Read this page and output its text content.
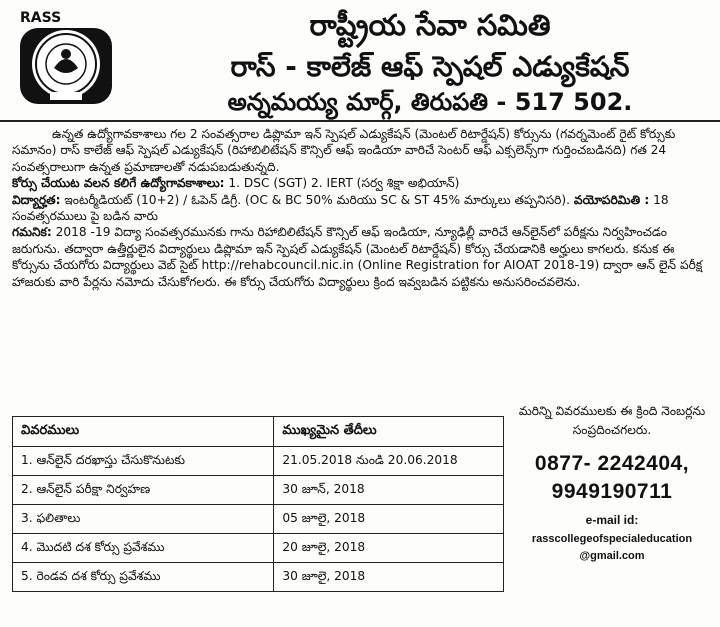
RASS	రాష్ట్రీయ సేవా సమితి
రాస్ - కాలేజ్ ఆఫ్ స్పెషల్ ఎడ్యుకేషన్
అన్నమయ్య మార్గ్, తిరుపతి - 517 502.

ఉన్నత ఉద్యోగావకాశాలు గల 2 సంవత్సరాల డిప్లొమా ఇన్ స్పెషల్ ఎడ్యుకేషన్ (మెంటల్ రిటార్డేషన్) కోర్సును (గవర్నమెంట్ రైట్ కోర్సుకు సమానం) రాస్ కాలేజ్ ఆఫ్ స్పెషల్ ఎడ్యుకేషన్ (రిహాబిలిటేషన్ కౌన్సిల్ ఆఫ్ ఇండియా వారిచే సెంటర్ ఆఫ్ ఎక్సలెన్స్‌గా గుర్తించబడినది) గత 24 సంవత్సరాలుగా ఉన్నత ప్రమాణాలతో నడుపబడుతున్నది.

కోర్సు చేయుట వలన కలిగే ఉద్యోగావకాశాలు: 1. DSC (SGT) 2. IERT (సర్వ శిక్షా అభియాన్)

విద్యార్హత: ఇంటర్మీడియట్ (10+2) / ఓపెన్ డిగ్రీ. (OC & BC 50% మరియు SC & ST 45% మార్కులు తప్పనిసరి). వయోపరిమితి : 18 సంవత్సరములు పై బడిన వారు

గమనిక: 2018 -19 విద్యా సంవత్సరమునకు గాను రిహాబిలిటేషన్ కౌన్సిల్ ఆఫ్ ఇండియా, న్యూఢిల్లీ వారిచే ఆన్‌లైన్‌లో పరీక్షను నిర్వహించడం జరుగును. తద్వారా ఉత్తీర్ణులైన విద్యార్థులు డిప్లొమా ఇన్ స్పెషల్ ఎడ్యుకేషన్ (మెంటల్ రిటార్డేషన్) కోర్సు చేయడానికి అర్హులు కాగలరు. కనుక ఈ కోర్సును చేయగోరు విద్యార్థులు వెబ్ సైట్ http://rehabcouncil.nic.in (Online Registration for AIOAT 2018-19) ద్వారా ఆన్ లైన్ పరీక్ష హాజరుకు వారి పేర్లను నమోదు చేసుకోగలరు. ఈ కోర్సు చేయగోరు విద్యార్థులు క్రింద ఇవ్వబడిన పట్టికను అనుసరించవలెను.

వివరములు	ముఖ్యమైన తేదీలు
1. ఆన్‌లైన్ దరఖాస్తు చేసుకొనుటకు	21.05.2018 నుండి 20.06.2018
2. ఆన్‌లైన్ పరీక్షా నిర్వహణ	30 జూన్, 2018
3. ఫలితాలు	05 జూలై, 2018
4. మొదటి దశ కోర్సు ప్రవేశము	20 జూలై, 2018
5. రెండవ దశ కోర్సు ప్రవేశము	30 జూలై, 2018
మరిన్ని వివరములకు ఈ క్రింది నెంబర్లను సంప్రదించగలరు.
0877- 2242404,
9949190711
e-mail id:
rasscollegeofspecialeducation
@gmail.com
